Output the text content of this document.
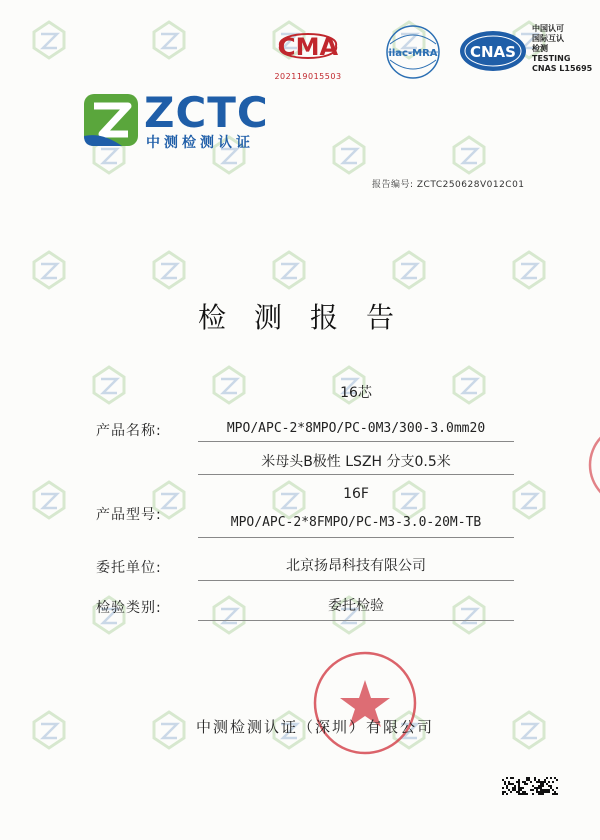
CMA
202119015503
ilac-MRA CNAS
中国认可
国际互认
检测
TESTING
CNAS L15695
ZCTC
中测检测认证
报告编号: ZCTC250628V012C01
检测报告
产品名称:
16芯
MPO/APC-2*8MPO/PC-0M3/300-3.0mm20
米母头B极性 LSZH 分支0.5米
产品型号:
16F
MPO/APC-2*8FMPO/PC-M3-3.0-20M-TB
委托单位:	北京扬昂科技有限公司
检验类别:	委托检验
中测检测认证（深圳）有限公司
